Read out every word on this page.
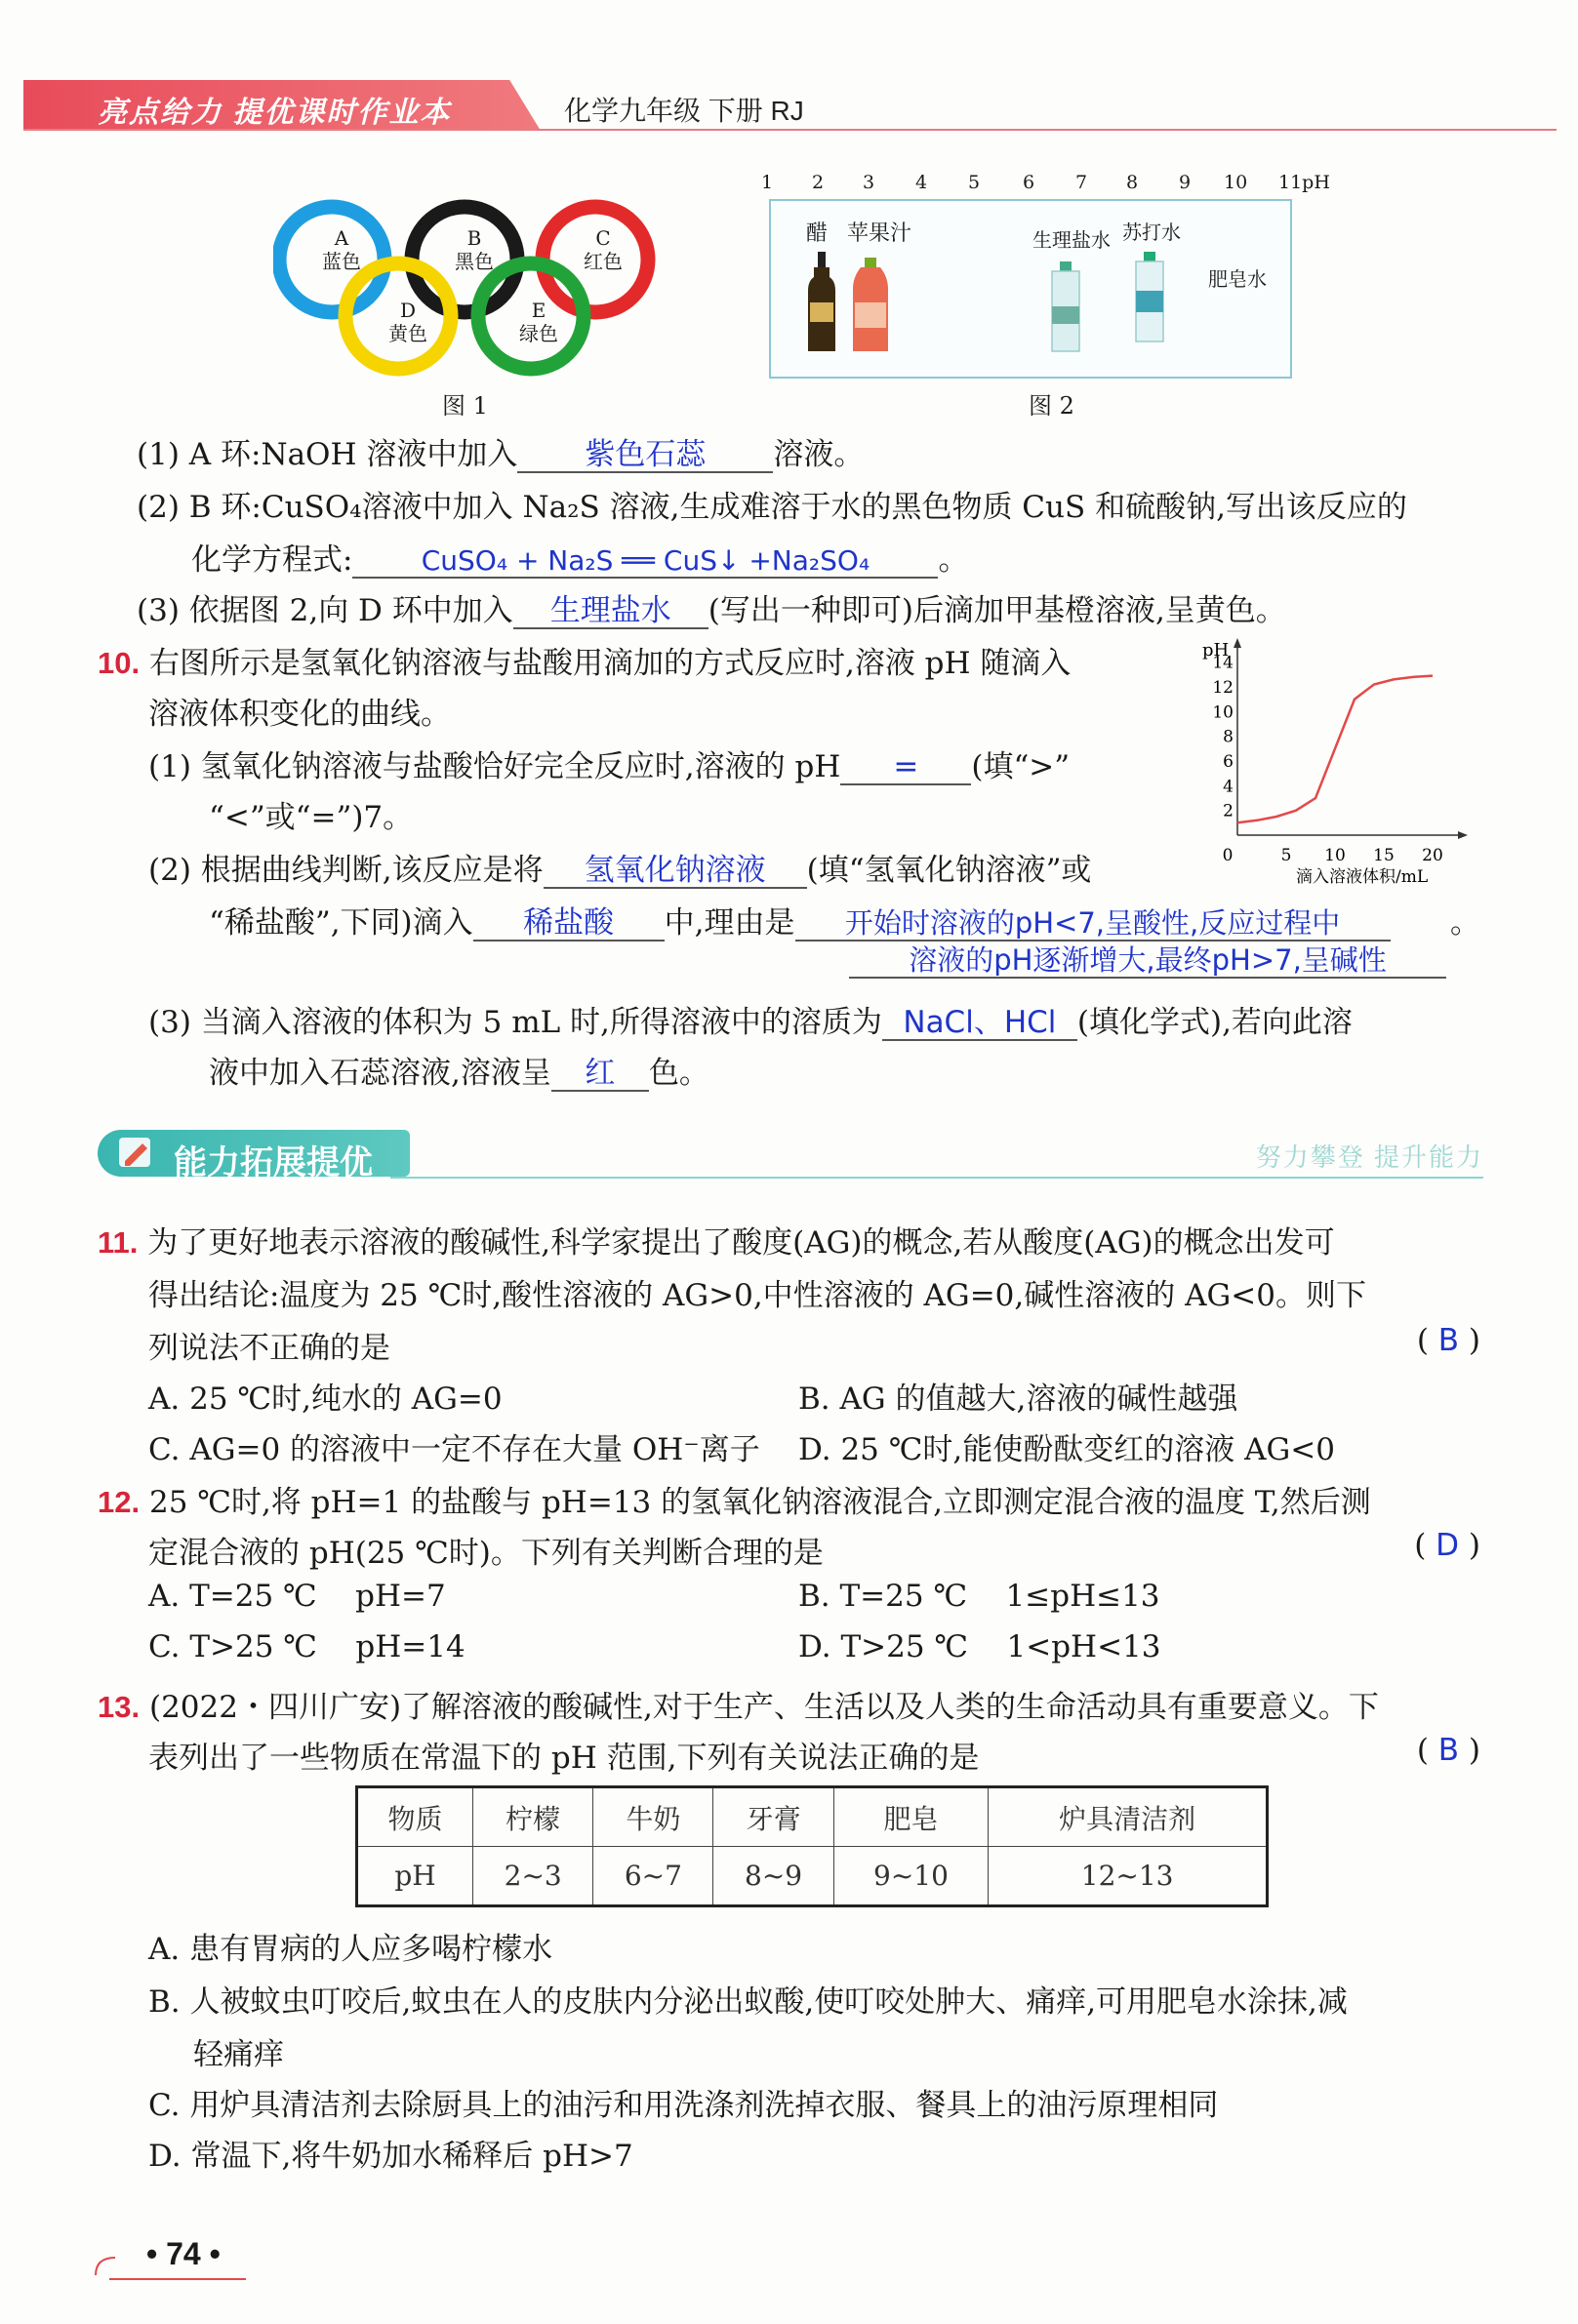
亮点给力 提优课时作业本	化学九年级 下册 RJ
A
蓝色
B
黑色
C
红色
D
黄色
E
绿色
图 1
1 2 3 4 5 6 7 8 9 10 11pH
醋 苹果汁	生理盐水 苏打水
肥皂水
图 2
(1) A 环:NaOH 溶液中加入 紫色石蕊 溶液。
(2) B 环:CuSO₄溶液中加入 Na₂S 溶液,生成难溶于水的黑色物质 CuS 和硫酸钠,写出该反应的
化学方程式:	CuSO₄ + Na₂S ══ CuS↓ +Na₂SO₄ 。
(3) 依据图 2,向 D 环中加入 生理盐水 (写出一种即可)后滴加甲基橙溶液,呈黄色。
10. 右图所示是氢氧化钠溶液与盐酸用滴加的方式反应时,溶液 pH 随滴入
溶液体积变化的曲线。
(1) 氢氧化钠溶液与盐酸恰好完全反应时,溶液的 pH = (填“>”
“<”或“=”)7。
(2) 根据曲线判断,该反应是将 氢氧化钠溶液 (填“氢氧化钠溶液”或
“稀盐酸”,下同)滴入 稀盐酸 中,理由是 开始时溶液的pH<7,呈酸性,反应过程中
溶液的pH逐渐增大,最终pH>7,呈碱性
。
(3) 当滴入溶液的体积为 5 mL 时,所得溶液中的溶质为 NaCl、HCl (填化学式),若向此溶
液中加入石蕊溶液,溶液呈 红 色。
pH
14
12
10
8
6
4
2
0	5 10 15 20
滴入溶液体积/mL
能力拓展提优	努力攀登 提升能力
11. 为了更好地表示溶液的酸碱性,科学家提出了酸度(AG)的概念,若从酸度(AG)的概念出发可
得出结论:温度为 25 ℃时,酸性溶液的 AG>0,中性溶液的 AG=0,碱性溶液的 AG<0。则下
列说法不正确的是	( B )
A. 25 ℃时,纯水的 AG=0	B. AG 的值越大,溶液的碱性越强
C. AG=0 的溶液中一定不存在大量 OH⁻离子 D. 25 ℃时,能使酚酞变红的溶液 AG<0
12. 25 ℃时,将 pH=1 的盐酸与 pH=13 的氢氧化钠溶液混合,立即测定混合液的温度 T,然后测
定混合液的 pH(25 ℃时)。下列有关判断合理的是	( D )
A. T=25 ℃    pH=7	B. T=25 ℃    1≤pH≤13
C. T>25 ℃    pH=14	D. T>25 ℃    1<pH<13
13. (2022・四川广安)了解溶液的酸碱性,对于生产、生活以及人类的生命活动具有重要意义。下
表列出了一些物质在常温下的 pH 范围,下列有关说法正确的是	( B )
物质	柠檬	牛奶	牙膏	肥皂	炉具清洁剂
pH	2~3	6~7	8~9	9~10	12~13
A. 患有胃病的人应多喝柠檬水
B. 人被蚊虫叮咬后,蚊虫在人的皮肤内分泌出蚁酸,使叮咬处肿大、痛痒,可用肥皂水涂抹,减
轻痛痒
C. 用炉具清洁剂去除厨具上的油污和用洗涤剂洗掉衣服、餐具上的油污原理相同
D. 常温下,将牛奶加水稀释后 pH>7
• 74 •
